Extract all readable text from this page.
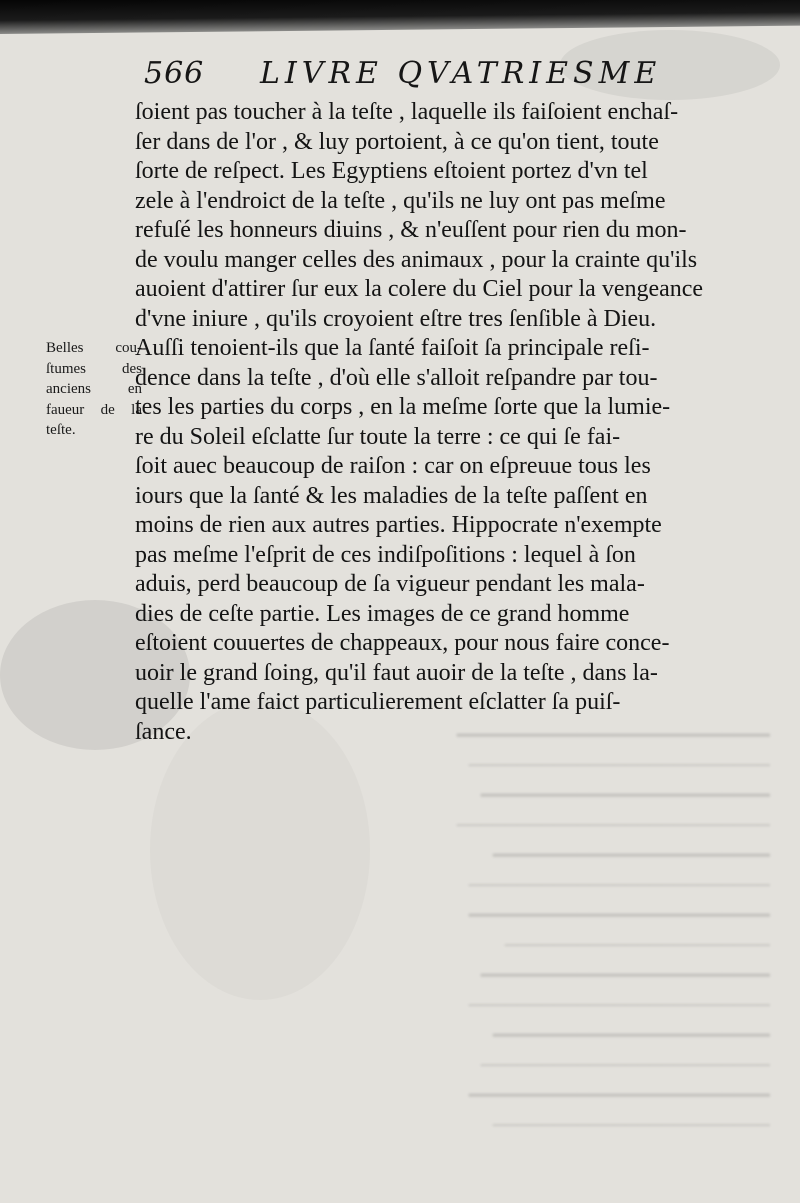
━━━━━━━━━━━━━━━━━━━━━━━━━━
─────────────────────────
━━━━━━━━━━━━━━━━━━━━━━━━
──────────────────────────
━━━━━━━━━━━━━━━━━━━━━━━
─────────────────────────
━━━━━━━━━━━━━━━━━━━━━━━━━
──────────────────────
━━━━━━━━━━━━━━━━━━━━━━━━
─────────────────────────
━━━━━━━━━━━━━━━━━━━━━━━
────────────────────────
━━━━━━━━━━━━━━━━━━━━━━━━━
───────────────────────
566 LIVRE QVATRIESME
Belles cou-
ſtumes des
anciens en
faueur de la
teſte.
ſoient pas toucher à la teſte , laquelle ils faiſoient enchaſ-
ſer dans de l'or , & luy portoient, à ce qu'on tient, toute
ſorte de reſpect. Les Egyptiens eſtoient portez d'vn tel
zele à l'endroict de la teſte , qu'ils ne luy ont pas meſme
refuſé les honneurs diuins , & n'euſſent pour rien du mon-
de voulu manger celles des animaux , pour la crainte qu'ils
auoient d'attirer ſur eux la colere du Ciel pour la vengeance
d'vne iniure , qu'ils croyoient eſtre tres ſenſible à Dieu.
Auſſi tenoient-ils que la ſanté faiſoit ſa principale reſi-
dence dans la teſte , d'où elle s'alloit reſpandre par tou-
tes les parties du corps , en la meſme ſorte que la lumie-
re du Soleil eſclatte ſur toute la terre : ce qui ſe fai-
ſoit auec beaucoup de raiſon : car on eſpreuue tous les
iours que la ſanté & les maladies de la teſte paſſent en
moins de rien aux autres parties. Hippocrate n'exempte
pas meſme l'eſprit de ces indiſpoſitions : lequel à ſon
aduis, perd beaucoup de ſa vigueur pendant les mala-
dies de ceſte partie. Les images de ce grand homme
eſtoient couuertes de chappeaux, pour nous faire conce-
uoir le grand ſoing, qu'il faut auoir de la teſte , dans la-
quelle l'ame faict particulierement eſclatter ſa puiſ-
ſance.
